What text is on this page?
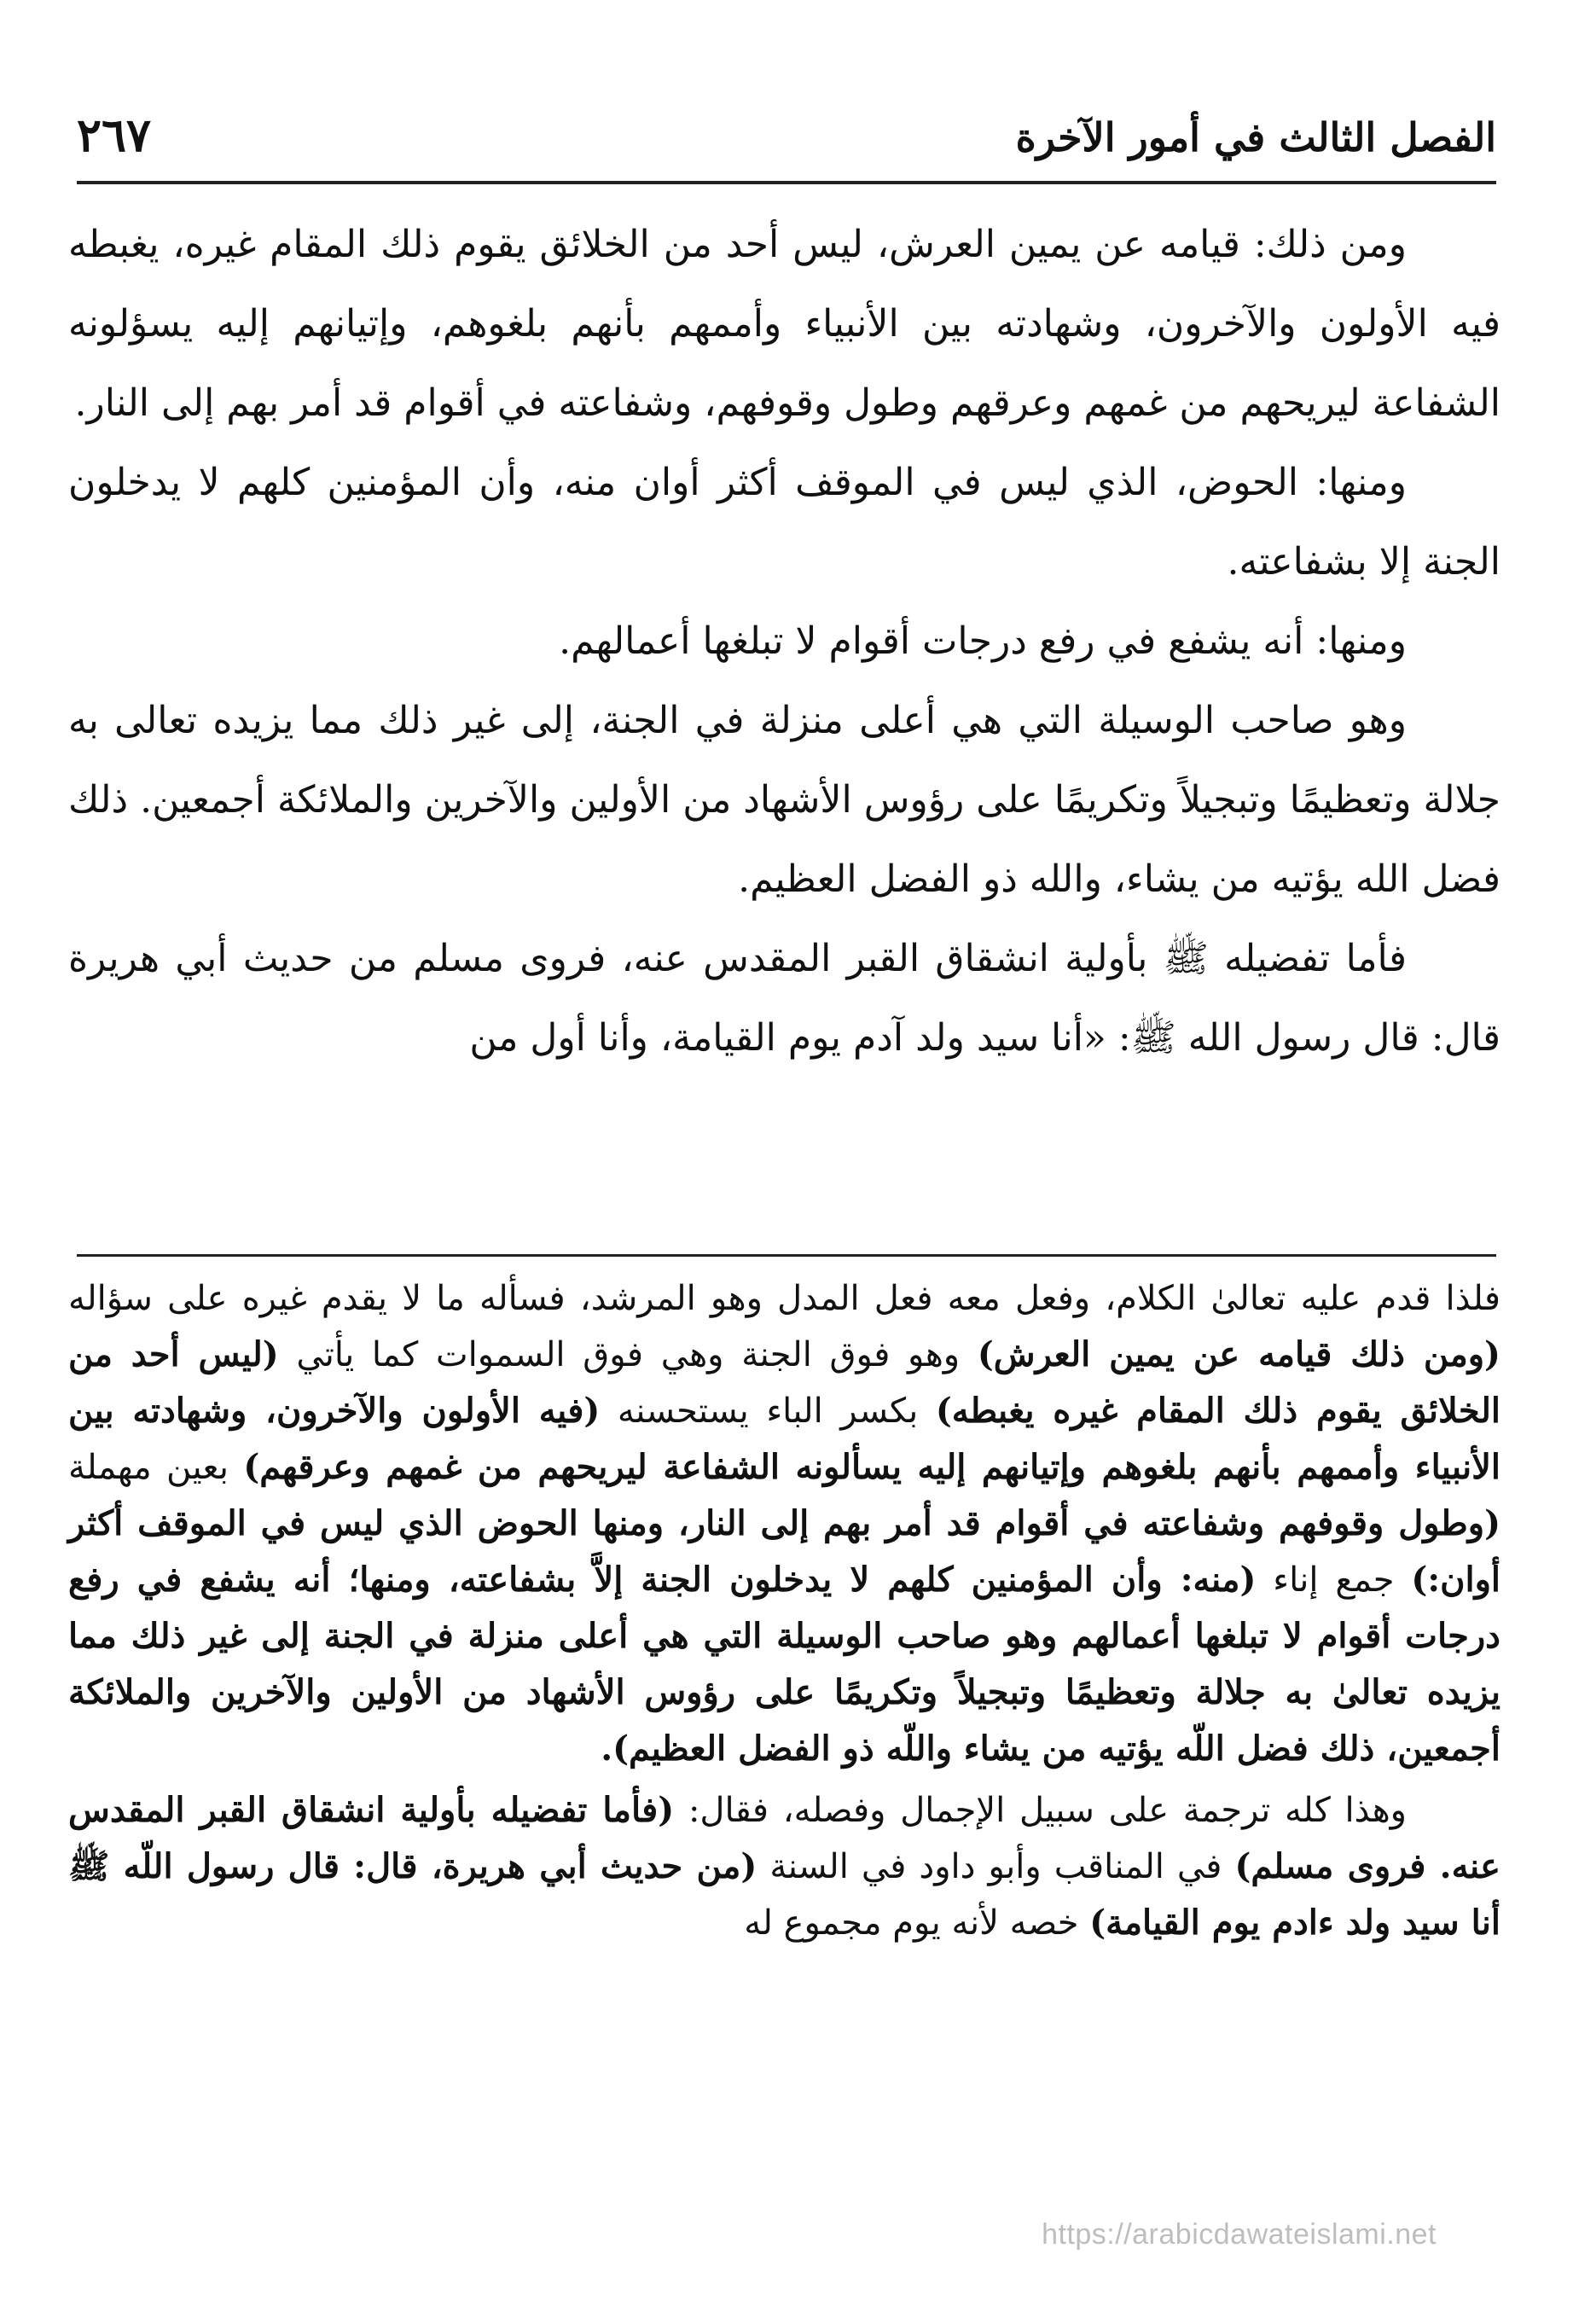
الفصل الثالث في أمور الآخرة
٢٦٧

ومن ذلك: قيامه عن يمين العرش، ليس أحد من الخلائق يقوم ذلك المقام غيره، يغبطه فيه الأولون والآخرون، وشهادته بين الأنبياء وأممهم بأنهم بلغوهم، وإتيانهم إليه يسؤلونه الشفاعة ليريحهم من غمهم وعرقهم وطول وقوفهم، وشفاعته في أقوام قد أمر بهم إلى النار.

ومنها: الحوض، الذي ليس في الموقف أكثر أوان منه، وأن المؤمنين كلهم لا يدخلون الجنة إلا بشفاعته.

ومنها: أنه يشفع في رفع درجات أقوام لا تبلغها أعمالهم.

وهو صاحب الوسيلة التي هي أعلى منزلة في الجنة، إلى غير ذلك مما يزيده تعالى به جلالة وتعظيمًا وتبجيلاً وتكريمًا على رؤوس الأشهاد من الأولين والآخرين والملائكة أجمعين. ذلك فضل الله يؤتيه من يشاء، والله ذو الفضل العظيم.

فأما تفضيله ﷺ بأولية انشقاق القبر المقدس عنه، فروى مسلم من حديث أبي هريرة قال: قال رسول الله ﷺ: «أنا سيد ولد آدم يوم القيامة، وأنا أول من

فلذا قدم عليه تعالىٰ الكلام، وفعل معه فعل المدل وهو المرشد، فسأله ما لا يقدم غيره على سؤاله (ومن ذلك قيامه عن يمين العرش) وهو فوق الجنة وهي فوق السموات كما يأتي (ليس أحد من الخلائق يقوم ذلك المقام غيره يغبطه) بكسر الباء يستحسنه (فيه الأولون والآخرون، وشهادته بين الأنبياء وأممهم بأنهم بلغوهم وإتيانهم إليه يسألونه الشفاعة ليريحهم من غمهم وعرقهم) بعين مهملة (وطول وقوفهم وشفاعته في أقوام قد أمر بهم إلى النار، ومنها الحوض الذي ليس في الموقف أكثر أوان:) جمع إناء (منه: وأن المؤمنين كلهم لا يدخلون الجنة إلاَّ بشفاعته، ومنها؛ أنه يشفع في رفع درجات أقوام لا تبلغها أعمالهم وهو صاحب الوسيلة التي هي أعلى منزلة في الجنة إلى غير ذلك مما يزيده تعالىٰ به جلالة وتعظيمًا وتبجيلاً وتكريمًا على رؤوس الأشهاد من الأولين والآخرين والملائكة أجمعين، ذلك فضل اللّه يؤتيه من يشاء واللّه ذو الفضل العظيم).

وهذا كله ترجمة على سبيل الإجمال وفصله، فقال: (فأما تفضيله بأولية انشقاق القبر المقدس عنه. فروى مسلم) في المناقب وأبو داود في السنة (من حديث أبي هريرة، قال: قال رسول اللّه ﷺ أنا سيد ولد ءادم يوم القيامة) خصه لأنه يوم مجموع له

https://arabicdawateislami.net
